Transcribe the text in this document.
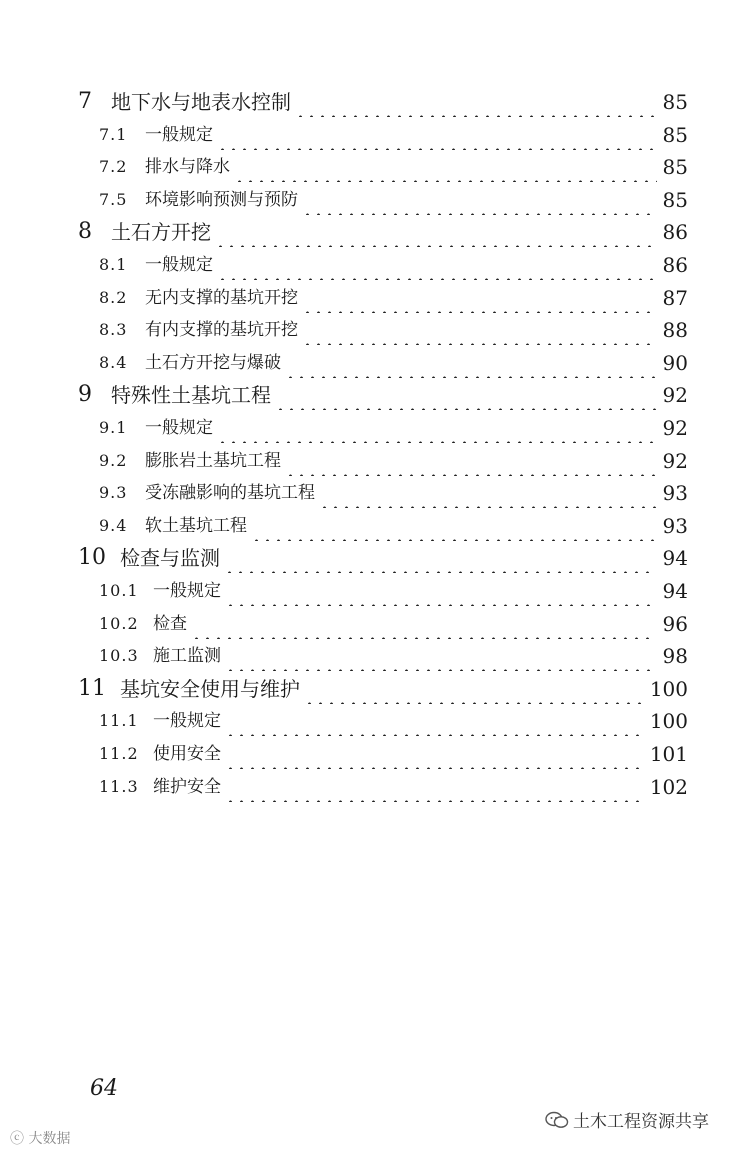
7 地下水与地表水控制	85
7.1 一般规定	85
7.2 排水与降水	85
7.5 环境影响预测与预防	85
8 土石方开挖	86
8.1 一般规定	86
8.2 无内支撑的基坑开挖	87
8.3 有内支撑的基坑开挖	88
8.4 土石方开挖与爆破	90
9 特殊性土基坑工程	92
9.1 一般规定	92
9.2 膨胀岩土基坑工程	92
9.3 受冻融影响的基坑工程	93
9.4 软土基坑工程	93
10 检查与监测	94
10.1 一般规定	94
10.2 检查	96
10.3 施工监测	98
11 基坑安全使用与维护	100
11.1 一般规定	100
11.2 使用安全	101
11.3 维护安全	102
64
土木工程资源共享
ⓒ 大数据
